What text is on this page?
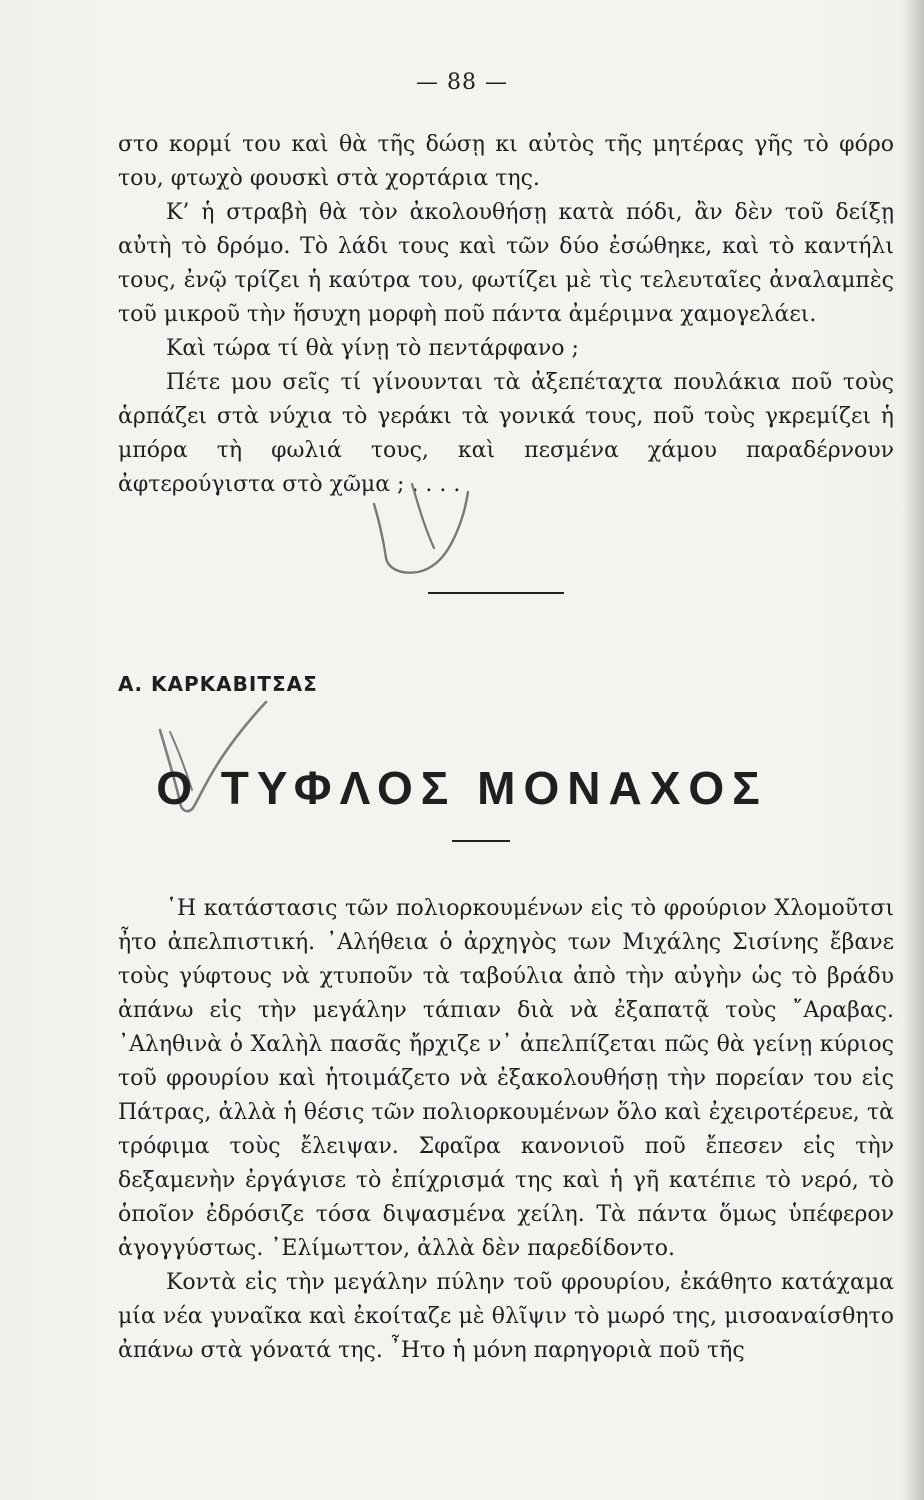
— 88 —

στο κορμί του καὶ θὰ τῆς δώσῃ κι αὐτὸς τῆς μητέρας γῆς τὸ φόρο του, φτωχὸ φουσκὶ στὰ χορτάρια της.

Κ’ ἡ στραβὴ θὰ τὸν ἀκολουθήσῃ κατὰ πόδι, ἂν δὲν τοῦ δείξῃ αὐτὴ τὸ δρόμο. Τὸ λάδι τους καὶ τῶν δύο ἐσώθηκε, καὶ τὸ καντήλι τους, ἐνῷ τρίζει ἡ καύτρα του, φωτίζει μὲ τὶς τελευταῖες ἀναλαμπὲς τοῦ μικροῦ τὴν ἥσυχη μορφὴ ποῦ πάντα ἀμέριμνα χαμογελάει.

Καὶ τώρα τί θὰ γίνῃ τὸ πεντάρφανο ;

Πέτε μου σεῖς τί γίνουνται τὰ ἀξεπέταχτα πουλάκια ποῦ τοὺς ἁρπάζει στὰ νύχια τὸ γεράκι τὰ γονικά τους, ποῦ τοὺς γκρεμίζει ἡ μπόρα τὴ φωλιά τους, καὶ πεσμένα χάμου παραδέρνουν ἀφτερούγιστα στὸ χῶμα ; . . . .

Α. ΚΑΡΚΑΒΙΤΣΑΣ
Ο ΤΥΦΛΟΣ ΜΟΝΑΧΟΣ

῾Η κατάστασις τῶν πολιορκουμένων εἰς τὸ φρούριον Χλομοῦτσι ἦτο ἀπελπιστική. ᾿Αλήθεια ὁ ἀρχηγὸς των Μιχάλης Σισίνης ἔβανε τοὺς γύφτους νὰ χτυποῦν τὰ ταβούλια ἀπὸ τὴν αὐγὴν ὡς τὸ βράδυ ἀπάνω εἰς τὴν μεγάλην τάπιαν διὰ νὰ ἐξαπατᾷ τοὺς ῎Αραβας. ᾿Αληθινὰ ὁ Χαλὴλ πασᾶς ἤρχιζε ν᾿ ἀπελπίζεται πῶς θὰ γείνῃ κύριος τοῦ φρουρίου καὶ ἡτοιμάζετο νὰ ἐξακολουθήσῃ τὴν πορείαν του εἰς Πάτρας, ἀλλὰ ἡ θέσις τῶν πολιορκουμένων ὅλο καὶ ἐχειροτέρευε, τὰ τρόφιμα τοὺς ἔλειψαν. Σφαῖρα κανονιοῦ ποῦ ἔπεσεν εἰς τὴν δεξαμενὴν ἐργάγισε τὸ ἐπίχρισμά της καὶ ἡ γῆ κατέπιε τὸ νερό, τὸ ὁποῖον ἐδρόσιζε τόσα διψασμένα χείλη. Τὰ πάντα ὅμως ὑπέφερον ἀγογγύστως. ᾿Ελίμωττον, ἀλλὰ δὲν παρεδίδοντο.

Κοντὰ εἰς τὴν μεγάλην πύλην τοῦ φρουρίου, ἐκάθητο κατάχαμα μία νέα γυναῖκα καὶ ἐκοίταζε μὲ θλῖψιν τὸ μωρό της, μισοαναίσθητο ἀπάνω στὰ γόνατά της. ῏Ητο ἡ μόνη παρηγοριὰ ποῦ τῆς
